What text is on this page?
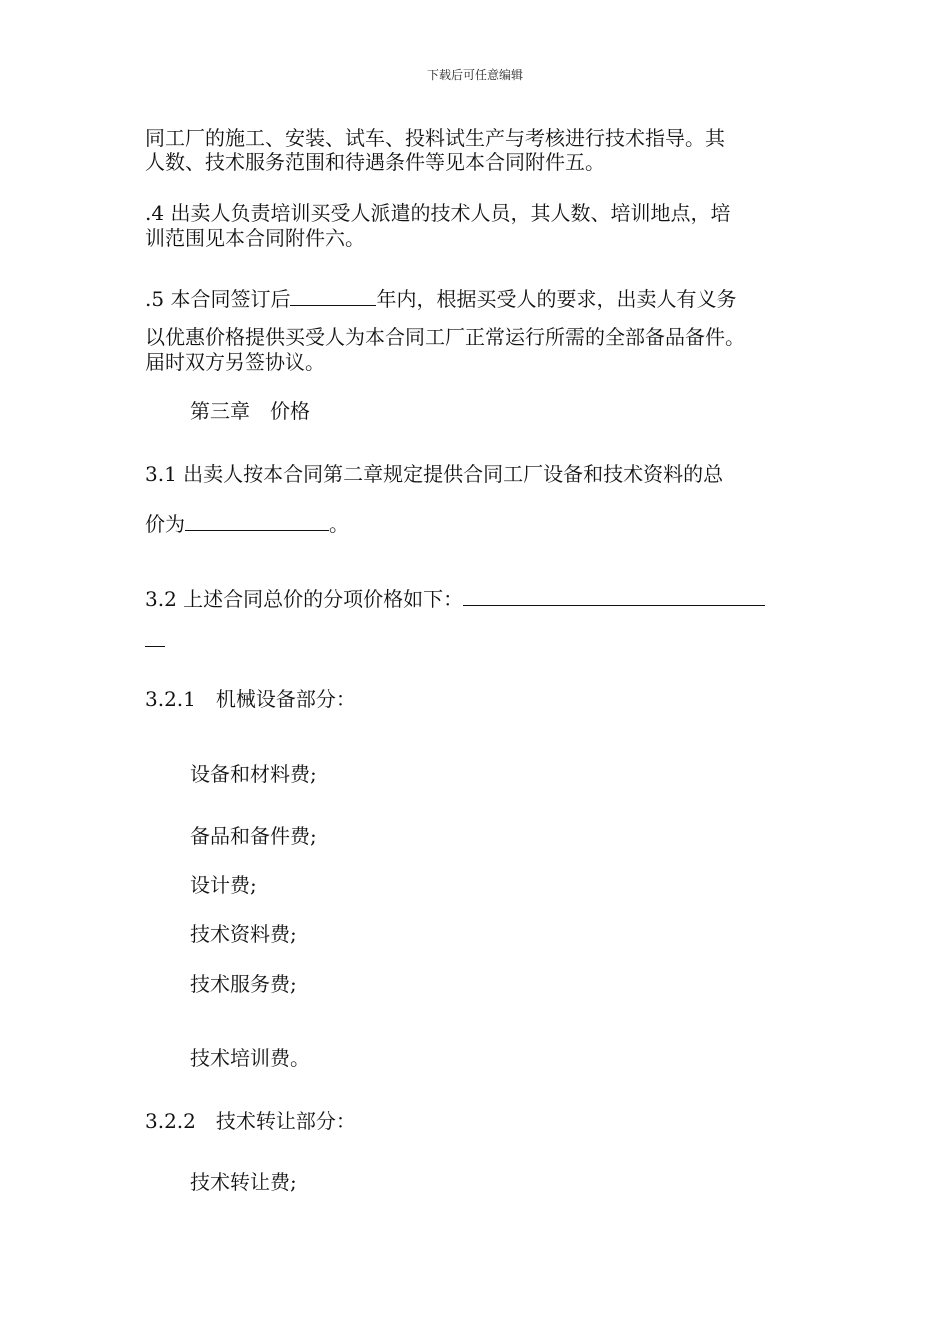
下载后可任意编辑
同工厂的施工、安装、试车、投料试生产与考核进行技术指导。其
人数、技术服务范围和待遇条件等见本合同附件五。
.4 出卖人负责培训买受人派遣的技术人员，其人数、培训地点，培
训范围见本合同附件六。
.5 本合同签订后	年内，根据买受人的要求，出卖人有义务
以优惠价格提供买受人为本合同工厂正常运行所需的全部备品备件。
届时双方另签协议。
第三章　价格
3.1 出卖人按本合同第二章规定提供合同工厂设备和技术资料的总
价为	。
3.2 上述合同总价的分项价格如下：
3.2.1　机械设备部分：
设备和材料费;
备品和备件费;
设计费;
技术资料费;
技术服务费;
技术培训费。
3.2.2　技术转让部分：
技术转让费;
